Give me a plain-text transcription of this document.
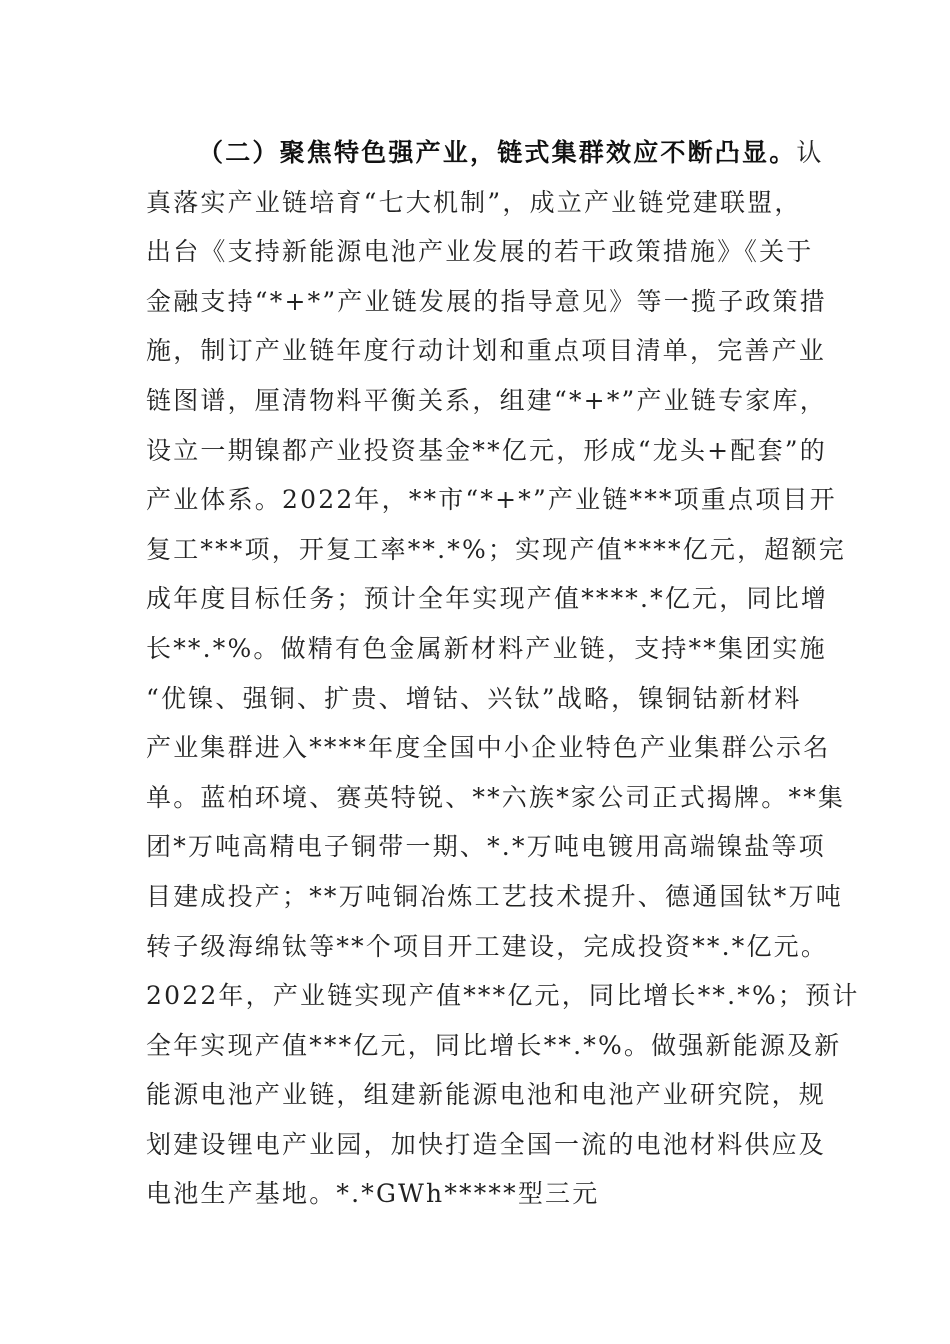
（二）聚焦特色强产业，链式集群效应不断凸显。认
真落实产业链培育“七大机制”，成立产业链党建联盟，
出台《支持新能源电池产业发展的若干政策措施》《关于
金融支持“*+*”产业链发展的指导意见》等一揽子政策措
施，制订产业链年度行动计划和重点项目清单，完善产业
链图谱，厘清物料平衡关系，组建“*+*”产业链专家库，
设立一期镍都产业投资基金**亿元，形成“龙头+配套”的
产业体系。2022年，**市“*+*”产业链***项重点项目开
复工***项，开复工率**.*%；实现产值****亿元，超额完
成年度目标任务；预计全年实现产值****.*亿元，同比增
长**.*%。做精有色金属新材料产业链，支持**集团实施
“优镍、强铜、扩贵、增钴、兴钛”战略，镍铜钴新材料
产业集群进入****年度全国中小企业特色产业集群公示名
单。蓝柏环境、赛英特锐、**六族*家公司正式揭牌。**集
团*万吨高精电子铜带一期、*.*万吨电镀用高端镍盐等项
目建成投产；**万吨铜冶炼工艺技术提升、德通国钛*万吨
转子级海绵钛等**个项目开工建设，完成投资**.*亿元。
2022年，产业链实现产值***亿元，同比增长**.*%；预计
全年实现产值***亿元，同比增长**.*%。做强新能源及新
能源电池产业链，组建新能源电池和电池产业研究院，规
划建设锂电产业园，加快打造全国一流的电池材料供应及
电池生产基地。*.*GWh*****型三元
